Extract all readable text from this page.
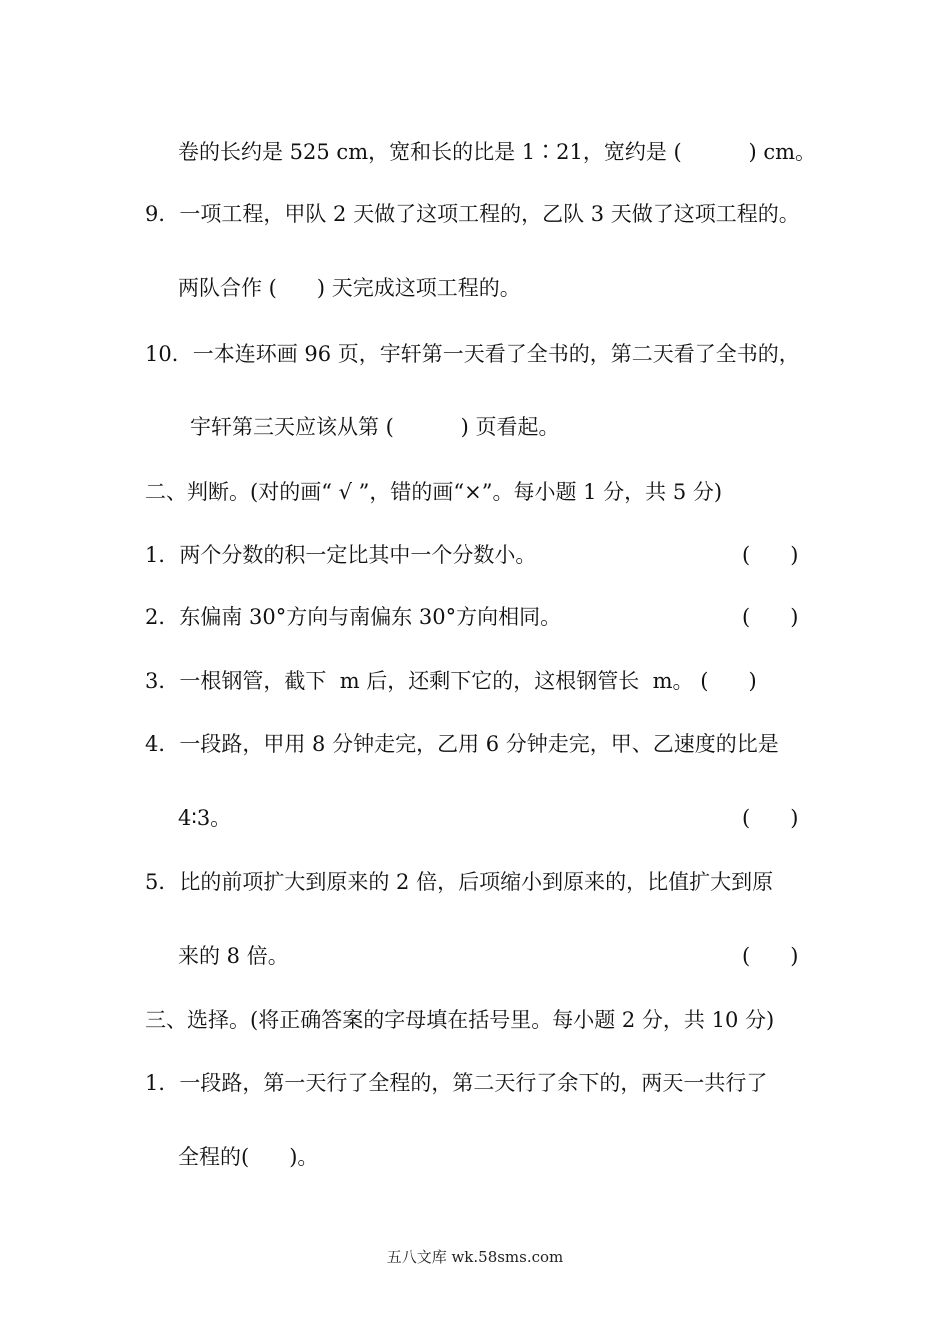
卷的长约是 525 cm，宽和长的比是 1∶21，宽约是 (          ) cm。
9．一项工程，甲队 2 天做了这项工程的，乙队 3 天做了这项工程的。
两队合作 (      ) 天完成这项工程的。
10．一本连环画 96 页，宇轩第一天看了全书的，第二天看了全书的，
宇轩第三天应该从第 (          ) 页看起。
二、判断。(对的画“ √ ”，错的画“×”。每小题 1 分，共 5 分)
1．两个分数的积一定比其中一个分数小。	(      )
2．东偏南 30°方向与南偏东 30°方向相同。	(      )
3．一根钢管，截下  m 后，还剩下它的，这根钢管长  m。 (      )
4．一段路，甲用 8 分钟走完，乙用 6 分钟走完，甲、乙速度的比是
4∶3。	(      )
5．比的前项扩大到原来的 2 倍，后项缩小到原来的，比值扩大到原
来的 8 倍。	(      )
三、选择。(将正确答案的字母填在括号里。每小题 2 分，共 10 分)
1．一段路，第一天行了全程的，第二天行了余下的，两天一共行了
全程的(      )。
五八文库 wk.58sms.com
